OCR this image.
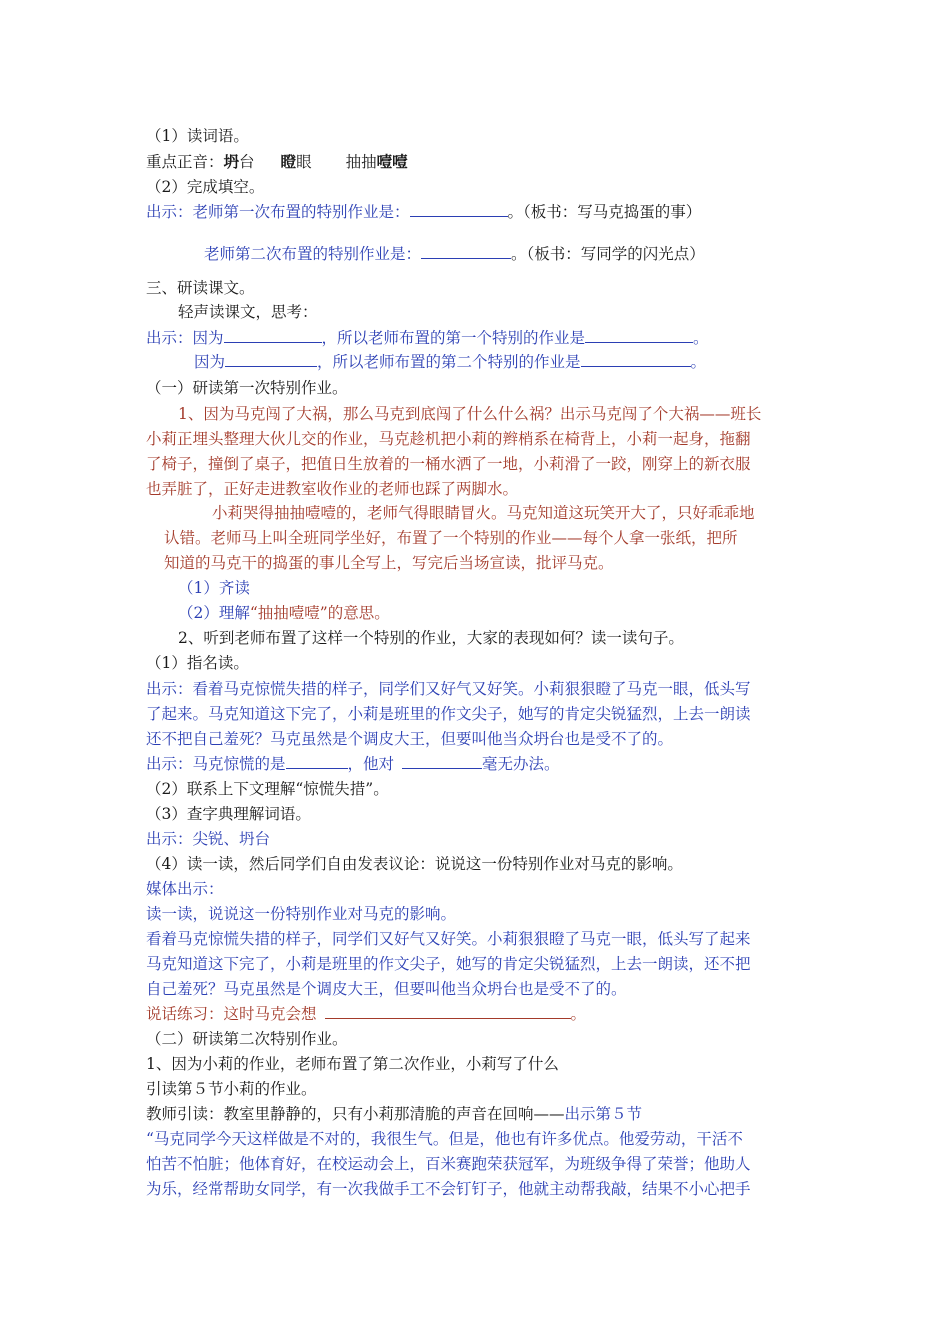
（1）读词语。
重点正音：坍台 瞪眼 抽抽噎噎
（2）完成填空。
出示：老师第一次布置的特别作业是：	。（板书：写马克捣蛋的事）
老师第二次布置的特别作业是：	。（板书：写同学的闪光点）
三、研读课文。
轻声读课文，思考：
出示：因为	，所以老师布置的第一个特别的作业是	。
因为	，所以老师布置的第二个特别的作业是	。
（一）研读第一次特别作业。
1、因为马克闯了大祸，那么马克到底闯了什么什么祸？出示马克闯了个大祸——班长
小莉正埋头整理大伙儿交的作业，马克趁机把小莉的辫梢系在椅背上，小莉一起身，拖翻
了椅子，撞倒了桌子，把值日生放着的一桶水洒了一地，小莉滑了一跤，刚穿上的新衣服
也弄脏了，正好走进教室收作业的老师也踩了两脚水。
小莉哭得抽抽噎噎的，老师气得眼睛冒火。马克知道这玩笑开大了，只好乖乖地
认错。老师马上叫全班同学坐好，布置了一个特别的作业——每个人拿一张纸，把所
知道的马克干的捣蛋的事儿全写上，写完后当场宣读，批评马克。
（1）齐读
（2）理解“抽抽噎噎”的意思。
2、听到老师布置了这样一个特别的作业，大家的表现如何？读一读句子。
（1）指名读。
出示：看着马克惊慌失措的样子，同学们又好气又好笑。小莉狠狠瞪了马克一眼，低头写
了起来。马克知道这下完了，小莉是班里的作文尖子，她写的肯定尖锐猛烈，上去一朗读
还不把自己羞死？马克虽然是个调皮大王，但要叫他当众坍台也是受不了的。
出示：马克惊慌的是	，他对	毫无办法。
（2）联系上下文理解“惊慌失措”。
（3）查字典理解词语。
出示：尖锐、坍台
（4）读一读，然后同学们自由发表议论：说说这一份特别作业对马克的影响。
媒体出示：
读一读，说说这一份特别作业对马克的影响。
看着马克惊慌失措的样子，同学们又好气又好笑。小莉狠狠瞪了马克一眼，低头写了起来
马克知道这下完了，小莉是班里的作文尖子，她写的肯定尖锐猛烈，上去一朗读，还不把
自己羞死？马克虽然是个调皮大王，但要叫他当众坍台也是受不了的。
说话练习：这时马克会想	。
（二）研读第二次特别作业。
1、因为小莉的作业，老师布置了第二次作业，小莉写了什么
引读第５节小莉的作业。
教师引读：教室里静静的，只有小莉那清脆的声音在回响——出示第５节
“马克同学今天这样做是不对的，我很生气。但是，他也有许多优点。他爱劳动，干活不
怕苦不怕脏；他体育好，在校运动会上，百米赛跑荣获冠军，为班级争得了荣誉；他助人
为乐，经常帮助女同学，有一次我做手工不会钉钉子，他就主动帮我敲，结果不小心把手
